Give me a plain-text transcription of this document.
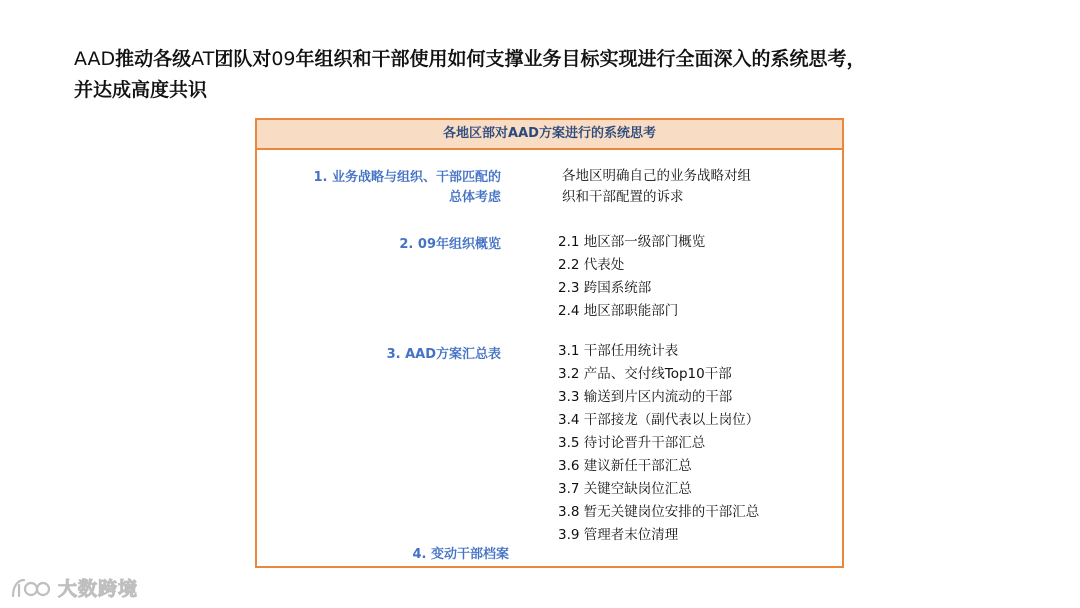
AAD推动各级AT团队对09年组织和干部使用如何支撑业务目标实现进行全面深入的系统思考，
并达成高度共识
各地区部对AAD方案进行的系统思考
1. 业务战略与组织、干部匹配的
总体考虑
各地区明确自己的业务战略对组
织和干部配置的诉求
2. 09年组织概览	2.1 地区部一级部门概览
2.2 代表处
2.3 跨国系统部
2.4 地区部职能部门
3. AAD方案汇总表	3.1 干部任用统计表
3.2 产品、交付线Top10干部
3.3 输送到片区内流动的干部
3.4 干部接龙（副代表以上岗位）
3.5 待讨论晋升干部汇总
3.6 建议新任干部汇总
3.7 关键空缺岗位汇总
3.8 暂无关键岗位安排的干部汇总
3.9 管理者末位清理
4. 变动干部档案
大数跨境
